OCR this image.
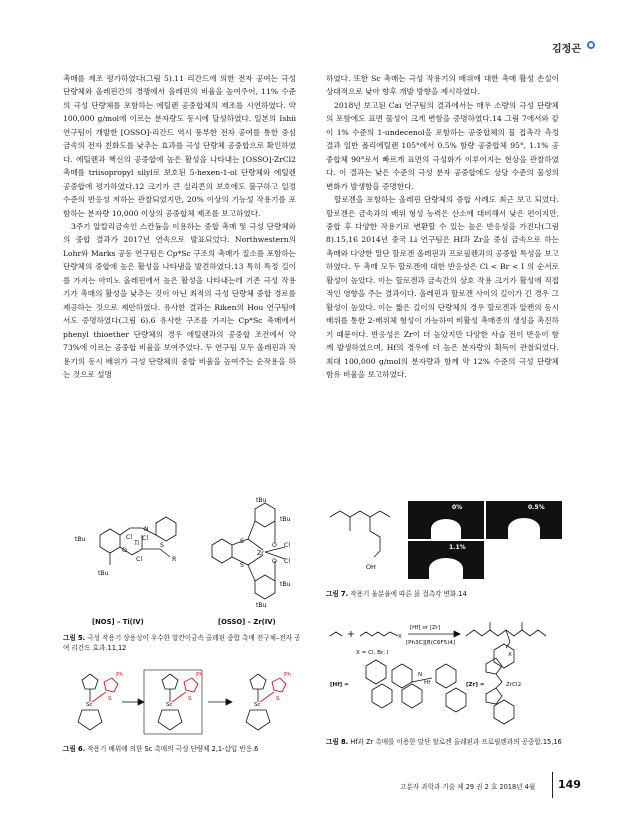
김정곤

촉매를 제조 평가하였다(그림 5).11 리간드에 의한 전자 공여는 극성 단량체와 올레핀간의 경쟁에서 올레핀의 비율을 높여주어, 11% 수준의 극성 단량체를 포함하는 에틸렌 공중합체의 제조를 시연하였다. 약 100,000 g/mol에 이르는 분자량도 동시에 달성하였다. 일본의 Ishii 연구팀이 개발한 [OSSO]-리간드 역시 풍부한 전자 공여를 통한 중심 금속의 전자 친화도를 낮추는 효과를 극성 단량체 공중합으로 확인하였다. 에틸렌과 헥신의 공중합에 높은 활성을 나타내는 [OSSO]-ZrCl2 촉매를 triisopropyl silyl로 보호된 5-hexen-1-ol 단량체와 에틸렌 공중합에 평가하였다.12 크기가 큰 실리콘의 보호에도 불구하고 일정 수준의 반응성 저하는 관찰되었지만, 20% 이상의 기능성 작용기를 포함하는 분자량 10,000 이상의 공중합체 제조를 보고하였다.

3주기 알칼리금속인 스칸듐을 이용하는 중합 촉매 및 극성 단량체와의 중합 결과가 2017년 연속으로 발표되었다. Northwestern의 Lohr와 Marks 공동 연구팀은 Cp*Sc 구조의 촉매가 질소를 포함하는 단량체의 중합에 높은 활성을 나타냄을 발견하였다.13 특히 특정 길이를 가지는 아미노 올레핀에서 높은 활성을 나타내는데 기존 극성 작용기가 촉매의 활성을 낮추는 것이 아닌 최적의 극성 단량체 중합 경로를 제공하는 것으로 제안하였다. 유사한 결과는 Riken의 Hou 연구팀에서도 증명하였다(그림 6).6 유사한 구조를 가지는 Cp*Sc 촉매에서 phenyl thioether 단량체의 경우 에틸렌과의 공중합 조건에서 약 73%에 이르는 공중합 비율을 보여주었다. 두 연구팀 모두 올레핀과 작용기의 동시 배위가 극성 단량체의 중합 비율을 높여주는 순작용을 하는 것으로 설명

하였다. 또한 Sc 촉매는 극성 작용기의 배위에 대한 촉매 활성 손실이 상대적으로 낮아 향후 개발 방향을 제시하였다.

2018년 보고된 Cai 연구팀의 결과에서는 매우 소량의 극성 단량체의 포함에도 표면 물성이 크게 변함을 증명하였다.14 그림 7에서와 같이 1% 수준의 1-undecenol을 포함하는 공중합체의 물 접촉각 측정 결과 일반 폴리에틸렌 105°에서 0.5% 함량 공중합체 95°, 1.1% 공중합체 90°로서 빠르게 표면의 극성화가 이루어지는 현상을 관찰하였다. 이 결과는 낮은 수준의 극성 분자 공중합에도 상당 수준의 물성의 변화가 발생함을 증명한다.

할로겐을 포함하는 올레핀 단량체의 중합 사례도 최근 보고 되었다. 할로겐은 금속과의 배위 형성 능력은 산소에 대비해서 낮은 편이지만, 중합 후 다양한 작용기로 변환할 수 있는 높은 반응성을 가진다(그림 8).15,16 2014년 중국 Li 연구팀은 Hf과 Zr을 중심 금속으로 하는 촉매와 다양한 말단 할로겐 올레핀과 프로필렌과의 공중합 특성을 보고하였다. 두 촉매 모두 할로겐에 대한 반응성은 Cl < Br < I 의 순서로 활성이 높았다. 이는 할로겐과 금속간의 상호 작용 크기가 활성에 직접적인 영향을 주는 결과이다. 올레핀과 할로겐 사이의 길이가 긴 경우 그 활성이 높았다. 이는 짧은 길이의 단량체의 경우 할로겐과 알켄의 동시 배위를 통한 2-배위체 형성이 가능하여 비활성 촉매종의 생성을 촉진하기 때문이다. 반응성은 Zr이 더 높았지만 다양한 사슬 전이 반응이 함께 발생하였으며, Hf의 경우에 더 높은 분자량의 획득이 관찰되었다. 최대 100,000 g/mol의 분자량과 함께 약 12% 수준의 극성 단량체 함유 비율을 보고하였다.

tBu
tBu
N
O
Ti
Cl Cl
Cl
S
R
tBu
tBu
tBu
tBu
S
S
Zr
Cl
Cl
O
O
[NOS] – Ti(IV)	[OSSO] – Zr(IV)
그림 5. 극성 작용기 상용성이 우수한 알칸이금속 올레핀 중합 촉매 전구체–전자 공여 리간드 효과.11,12
Sc	Sc	Sc
S	S	S
Ph	Ph	Ph
그림 6. 작용기 배위에 의한 Sc 촉매의 극성 단량체 2,1-삽입 반응.6
OH
0%	0.5%
1.1%
그림 7. 작용기 울분율에 따른 물 접촉각 변화.14
[Hf] or [Zr]
[Ph3C][B(C6F5)4]
X
X
X = Cl, Br, I
[Hf] =	Hf
N
[Zr] =	ZrCl2
그림 8. Hf과 Zr 촉매를 이용한 말단 할로겐 올레핀과 프로필렌과의 공중합.15,16
고분자 과학과 기술 제 29 권 2 호 2018년 4월 149
